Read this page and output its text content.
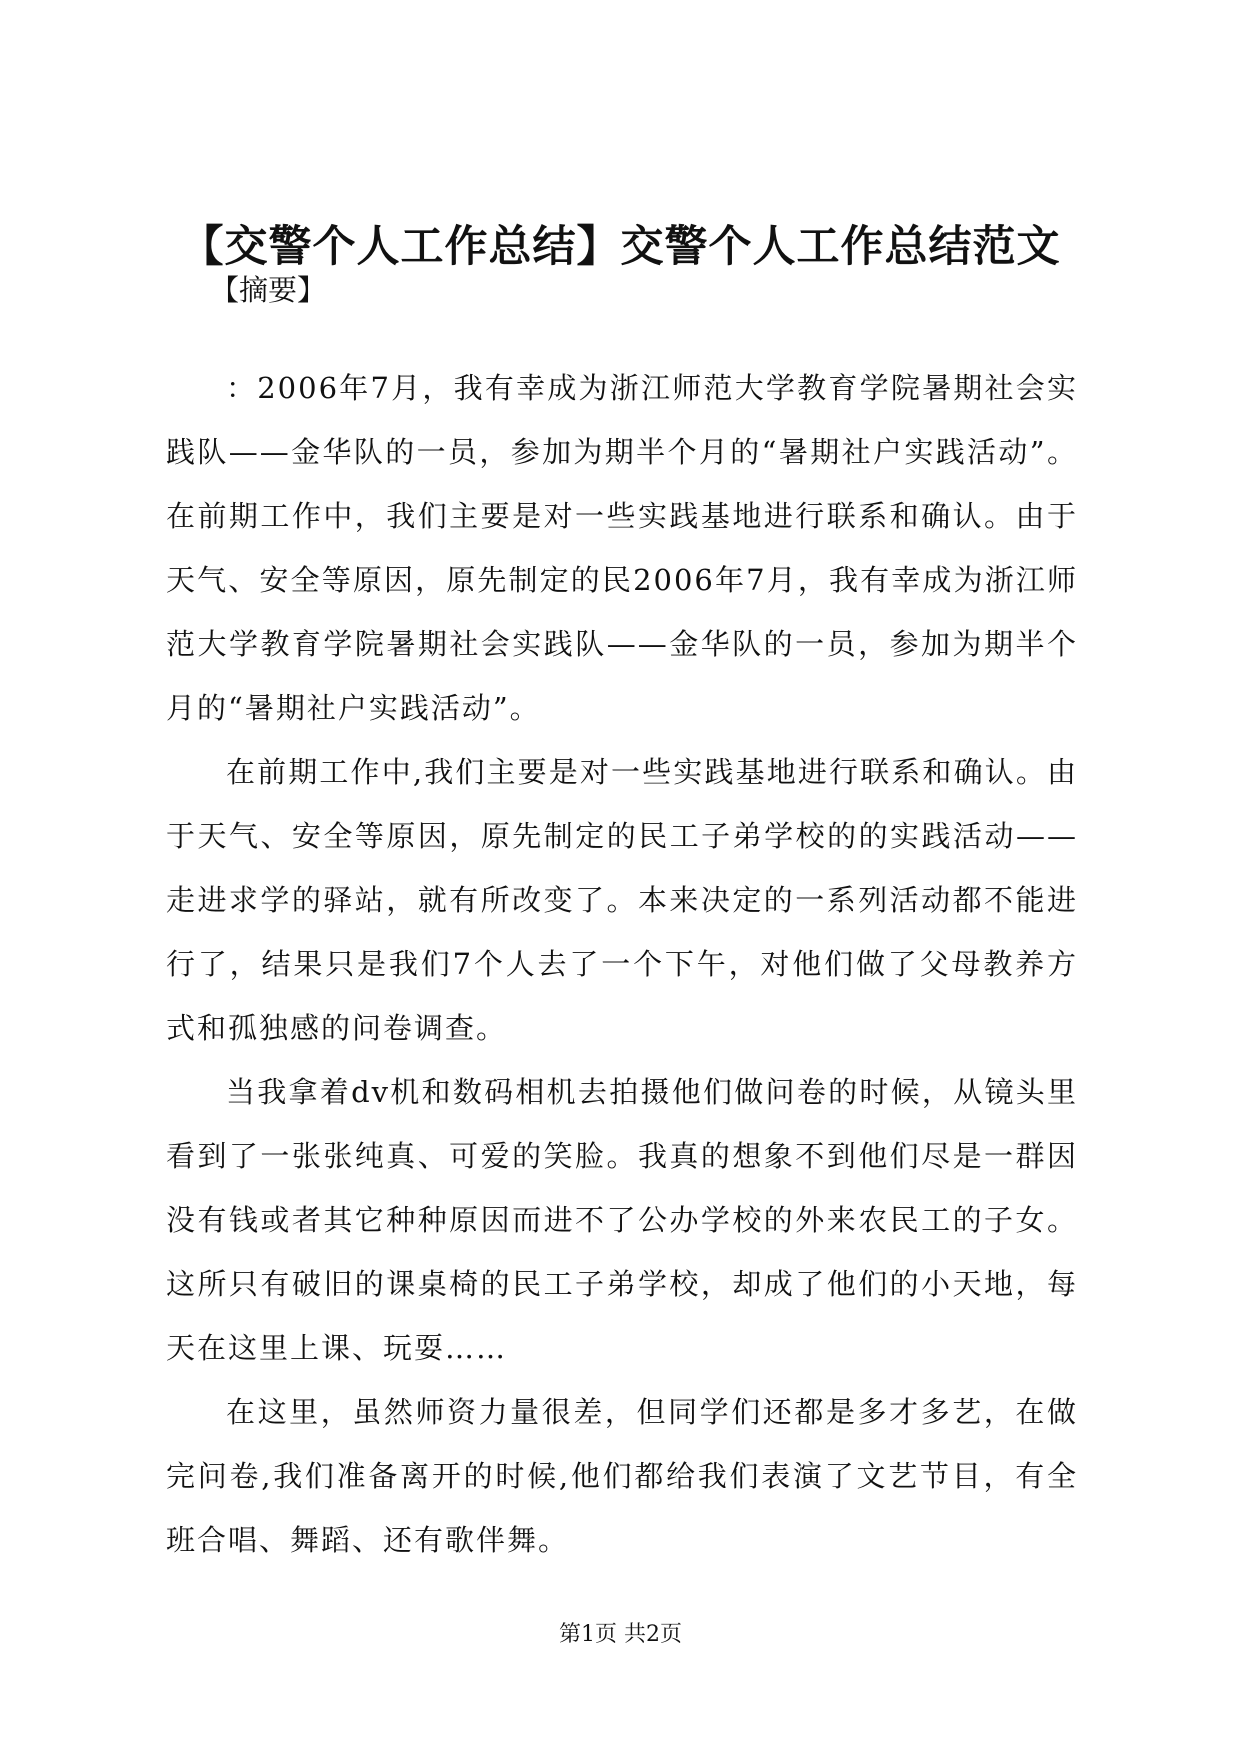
【交警个人工作总结】交警个人工作总结范文

【摘要】

：2006年7月，我有幸成为浙江师范大学教育学院暑期社会实践队——金华队的一员，参加为期半个月的“暑期社户实践活动”。在前期工作中，我们主要是对一些实践基地进行联系和确认。由于天气、安全等原因，原先制定的民2006年7月，我有幸成为浙江师范大学教育学院暑期社会实践队——金华队的一员，参加为期半个月的“暑期社户实践活动”。

在前期工作中,我们主要是对一些实践基地进行联系和确认。由于天气、安全等原因，原先制定的民工子弟学校的的实践活动——走进求学的驿站，就有所改变了。本来决定的一系列活动都不能进行了，结果只是我们7个人去了一个下午，对他们做了父母教养方式和孤独感的问卷调查。

当我拿着dv机和数码相机去拍摄他们做问卷的时候，从镜头里看到了一张张纯真、可爱的笑脸。我真的想象不到他们尽是一群因没有钱或者其它种种原因而进不了公办学校的外来农民工的子女。这所只有破旧的课桌椅的民工子弟学校，却成了他们的小天地，每天在这里上课、玩耍……

在这里，虽然师资力量很差，但同学们还都是多才多艺，在做完问卷,我们准备离开的时候,他们都给我们表演了文艺节目，有全班合唱、舞蹈、还有歌伴舞。

第1页 共2页
